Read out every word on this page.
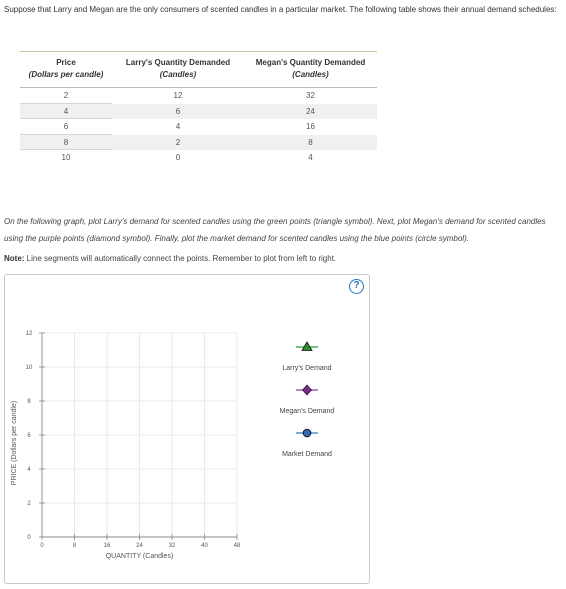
Suppose that Larry and Megan are the only consumers of scented candles in a particular market. The following table shows their annual demand schedules:
Price
(Dollars per candle)
Larry's Quantity Demanded
(Candles)
Megan's Quantity Demanded
(Candles)
2	12	32
4	6	24
6	4	16
8	2	8
10	0	4
On the following graph, plot Larry's demand for scented candles using the green points (triangle symbol). Next, plot Megan's demand for scented candles using the purple points (diamond symbol). Finally, plot the market demand for scented candles using the blue points (circle symbol).
Note: Line segments will automatically connect the points. Remember to plot from left to right.
?
0
2
4
6
8
10
12
0	8	16	24	32	40	48
QUANTITY (Candles)
PRICE (Dollars per candle)
Larry's Demand
Megan's Demand
Market Demand
